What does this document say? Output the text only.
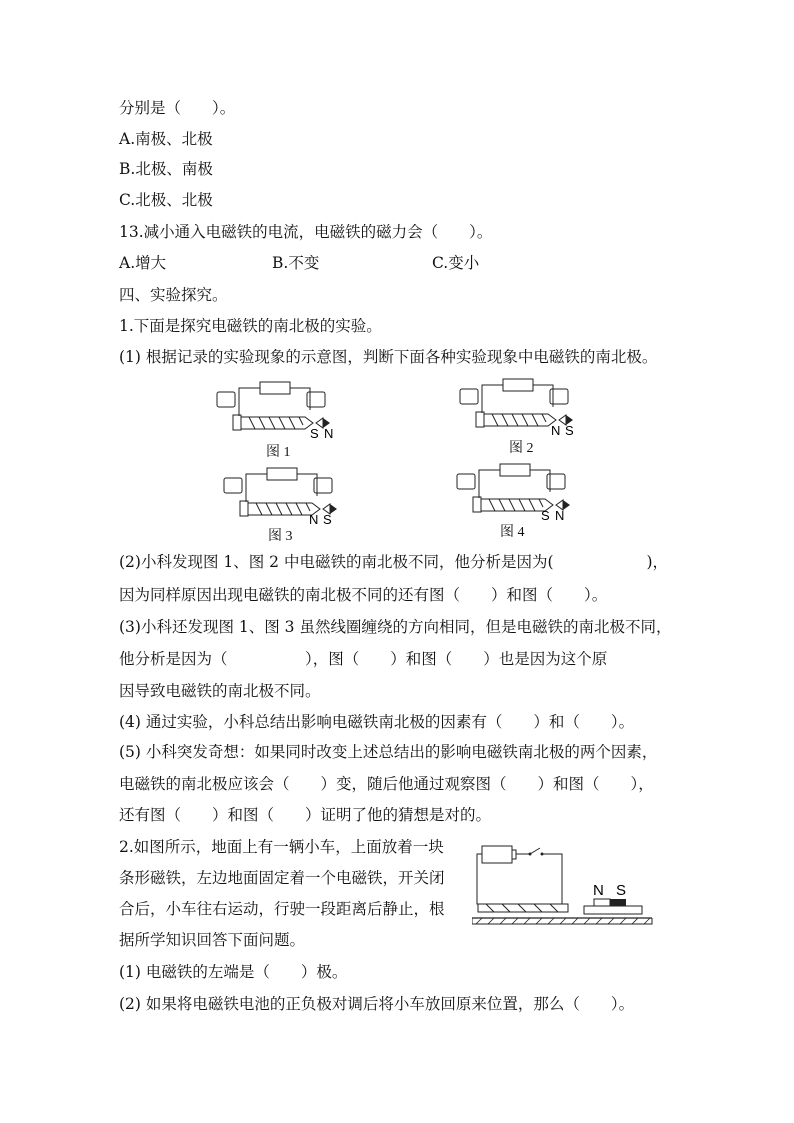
分别是（　　）。
A.南极、北极
B.北极、南极
C.北极、北极
13.减小通入电磁铁的电流，电磁铁的磁力会（　　）。
A.增大	B.不变	C.变小
四、实验探究。
1.下面是探究电磁铁的南北极的实验。
(1) 根据记录的实验现象的示意图，判断下面各种实验现象中电磁铁的南北极。
S N
图 1
N S
图 2
N S
图 3
S N
图 4
(2)小科发现图 1、图 2 中电磁铁的南北极不同，他分析是因为(　　　　　　)，
因为同样原因出现电磁铁的南北极不同的还有图（　　）和图（　　）。
(3)小科还发现图 1、图 3 虽然线圈缠绕的方向相同，但是电磁铁的南北极不同，
他分析是因为（　　　　　），图（　　）和图（　　）也是因为这个原
因导致电磁铁的南北极不同。
(4) 通过实验，小科总结出影响电磁铁南北极的因素有（　　）和（　　）。
(5) 小科突发奇想：如果同时改变上述总结出的影响电磁铁南北极的两个因素，
电磁铁的南北极应该会（　　）变，随后他通过观察图（　　）和图（　　），
还有图（　　）和图（　　）证明了他的猜想是对的。
2.如图所示，地面上有一辆小车，上面放着一块
条形磁铁，左边地面固定着一个电磁铁，开关闭
合后，小车往右运动，行驶一段距离后静止，根
据所学知识回答下面问题。
N S
(1) 电磁铁的左端是（　　）极。
(2) 如果将电磁铁电池的正负极对调后将小车放回原来位置，那么（　　）。
